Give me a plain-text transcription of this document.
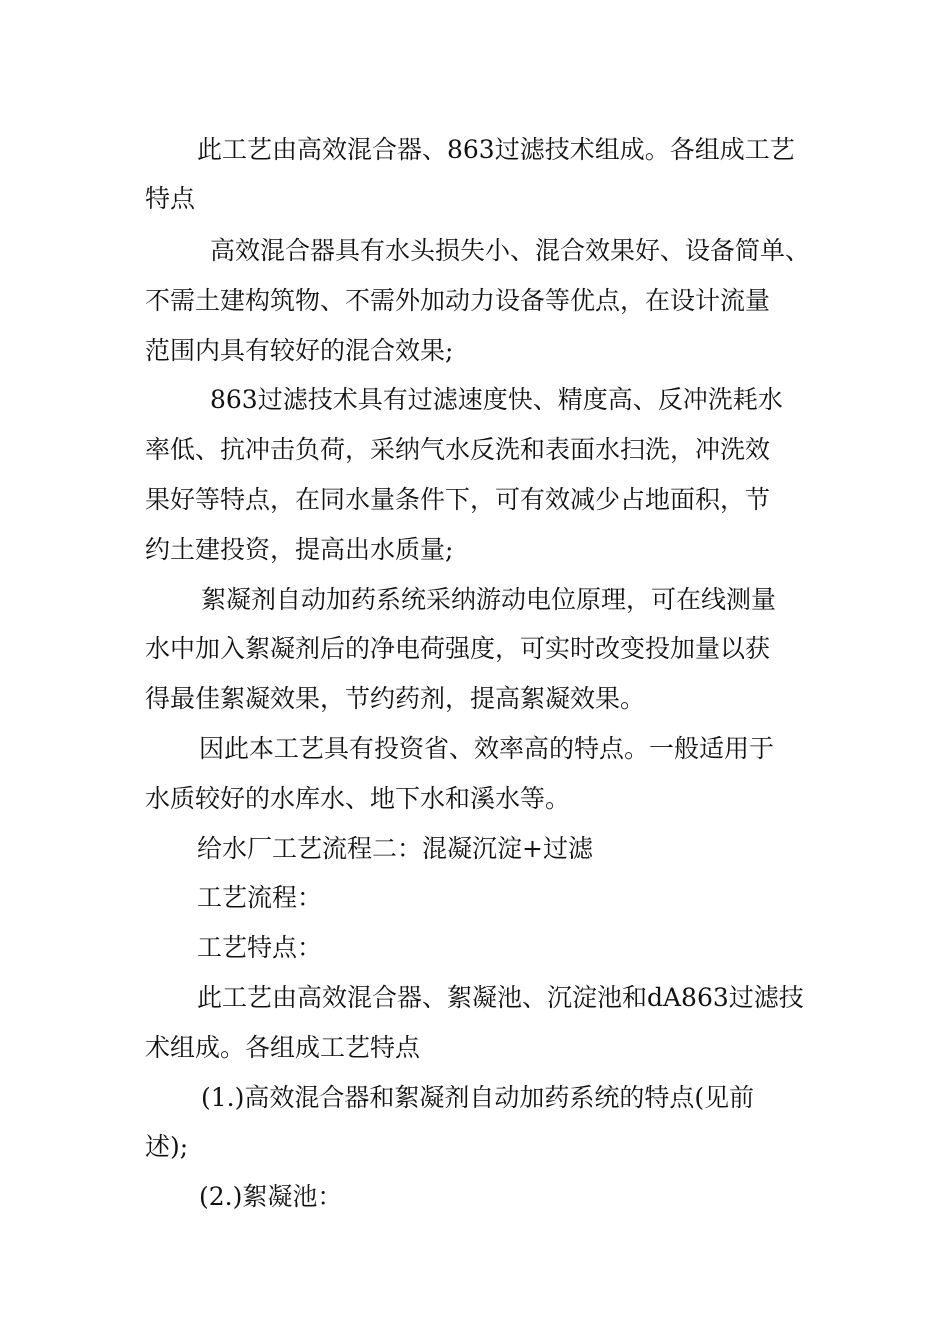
此工艺由高效混合器、863过滤技术组成。各组成工艺
特点
高效混合器具有水头损失小、混合效果好、设备简单、
不需土建构筑物、不需外加动力设备等优点，在设计流量
范围内具有较好的混合效果;
863过滤技术具有过滤速度快、精度高、反冲洗耗水
率低、抗冲击负荷，采纳气水反洗和表面水扫洗，冲洗效
果好等特点，在同水量条件下，可有效减少占地面积，节
约土建投资，提高出水质量;
絮凝剂自动加药系统采纳游动电位原理，可在线测量
水中加入絮凝剂后的净电荷强度，可实时改变投加量以获
得最佳絮凝效果，节约药剂，提高絮凝效果。
因此本工艺具有投资省、效率高的特点。一般适用于
水质较好的水库水、地下水和溪水等。
给水厂工艺流程二：混凝沉淀+过滤
工艺流程：
工艺特点：
此工艺由高效混合器、絮凝池、沉淀池和dA863过滤技
术组成。各组成工艺特点
(1.)高效混合器和絮凝剂自动加药系统的特点(见前
述);
(2.)絮凝池：
